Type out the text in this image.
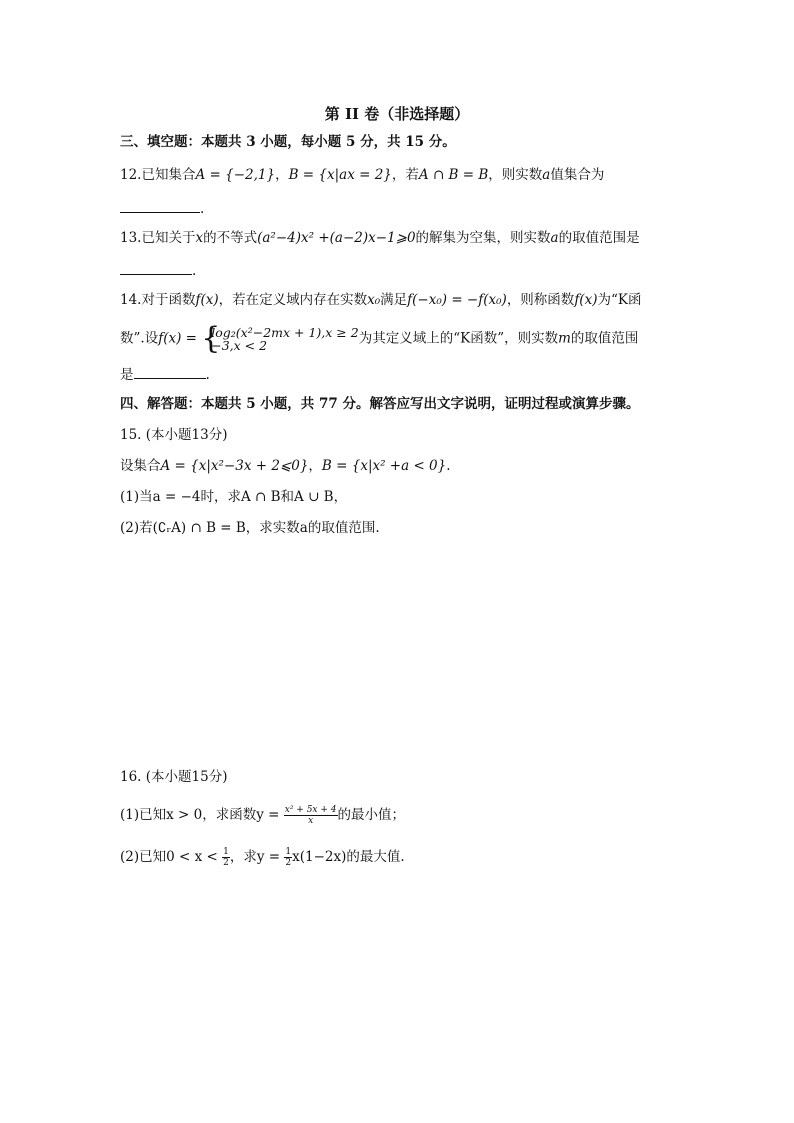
第 II 卷（非选择题）
三、填空题：本题共 3 小题，每小题 5 分，共 15 分。
12.已知集合A = {−2,1}，B = {x|ax = 2}，若A ∩ B = B，则实数a值集合为
.
13.已知关于x的不等式(a²−4)x² +(a−2)x−1⩾0的解集为空集，则实数a的取值范围是
.
14.对于函数f(x)，若在定义域内存在实数x₀满足f(−x₀) = −f(x₀)，则称函数f(x)为“K函
数”.设f(x) = {
log₂(x²−2mx + 1),x ≥ 2
−3,x < 2	为其定义域上的“K函数”，则实数m的取值范围
是	.
四、解答题：本题共 5 小题，共 77 分。解答应写出文字说明，证明过程或演算步骤。
15. (本小题13分)
设集合A = {x|x²−3x + 2⩽0}，B = {x|x² +a < 0}.
(1)当a = −4时，求A ∩ B和A ∪ B，
(2)若(∁ᵣA) ∩ B = B，求实数a的取值范围.
16. (本小题15分)
(1)已知x > 0，求函数$y = \frac{\text{x² + 5x + 4}}{x}$ 的最小值；
(2)已知$0 < x < \frac{1}{2}$ ，求$y = \frac{1}{2} x(1-2x)$的最大值.
